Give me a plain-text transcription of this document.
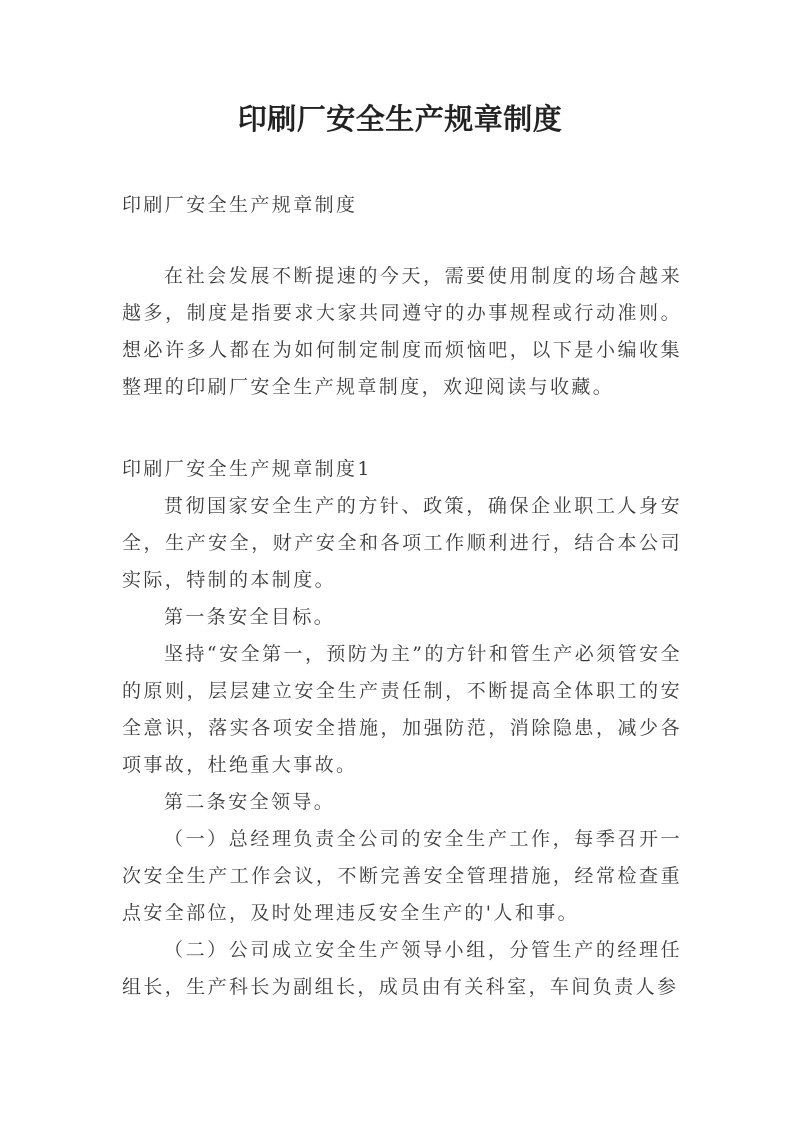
印刷厂安全生产规章制度

印刷厂安全生产规章制度

在社会发展不断提速的今天，需要使用制度的场合越来越多，制度是指要求大家共同遵守的办事规程或行动准则。想必许多人都在为如何制定制度而烦恼吧，以下是小编收集整理的印刷厂安全生产规章制度，欢迎阅读与收藏。

印刷厂安全生产规章制度1

贯彻国家安全生产的方针、政策，确保企业职工人身安全，生产安全，财产安全和各项工作顺利进行，结合本公司实际，特制的本制度。

第一条安全目标。

坚持“安全第一，预防为主”的方针和管生产必须管安全的原则，层层建立安全生产责任制，不断提高全体职工的安全意识，落实各项安全措施，加强防范，消除隐患，减少各项事故，杜绝重大事故。

第二条安全领导。

（一）总经理负责全公司的安全生产工作，每季召开一次安全生产工作会议，不断完善安全管理措施，经常检查重点安全部位，及时处理违反安全生产的'人和事。

（二）公司成立安全生产领导小组，分管生产的经理任组长，生产科长为副组长，成员由有关科室，车间负责人参
